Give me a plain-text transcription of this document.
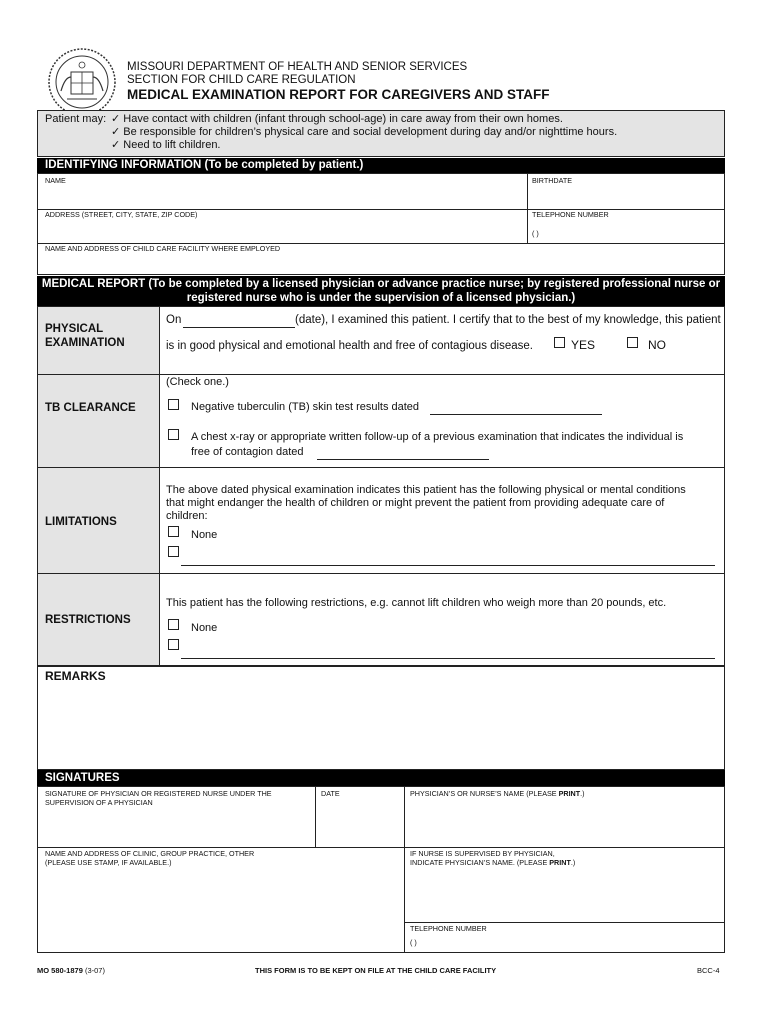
MISSOURI DEPARTMENT OF HEALTH AND SENIOR SERVICES
SECTION FOR CHILD CARE REGULATION
MEDICAL EXAMINATION REPORT FOR CAREGIVERS AND STAFF
Patient may: ✓ Have contact with children (infant through school-age) in care away from their own homes.
✓ Be responsible for children’s physical care and social development during day and/or nighttime hours.
✓ Need to lift children.
IDENTIFYING INFORMATION (To be completed by patient.)
NAME	BIRTHDATE
ADDRESS (STREET, CITY, STATE, ZIP CODE)	TELEPHONE NUMBER
( )
NAME AND ADDRESS OF CHILD CARE FACILITY WHERE EMPLOYED
MEDICAL REPORT (To be completed by a licensed physician or advance practice nurse; by registered professional nurse or
registered nurse who is under the supervision of a licensed physician.)
PHYSICAL
EXAMINATION
On	(date), I examined this patient. I certify that to the best of my knowledge, this patient
is in good physical and emotional health and free of contagious disease.	YES	NO
TB CLEARANCE
(Check one.)
Negative tuberculin (TB) skin test results dated
A chest x-ray or appropriate written follow-up of a previous examination that indicates the individual is
free of contagion dated
LIMITATIONS
The above dated physical examination indicates this patient has the following physical or mental conditions
that might endanger the health of children or might prevent the patient from providing adequate care of
children:
None
RESTRICTIONS
This patient has the following restrictions, e.g. cannot lift children who weigh more than 20 pounds, etc.
None
REMARKS
SIGNATURES
SIGNATURE OF PHYSICIAN OR REGISTERED NURSE UNDER THE
SUPERVISION OF A PHYSICIAN
DATE	PHYSICIAN’S OR NURSE’S NAME (PLEASE PRINT.)
NAME AND ADDRESS OF CLINIC, GROUP PRACTICE, OTHER
(PLEASE USE STAMP, IF AVAILABLE.)
IF NURSE IS SUPERVISED BY PHYSICIAN,
INDICATE PHYSICIAN’S NAME. (PLEASE PRINT.)
TELEPHONE NUMBER
( )
MO 580-1879 (3-07)	THIS FORM IS TO BE KEPT ON FILE AT THE CHILD CARE FACILITY	BCC-4
